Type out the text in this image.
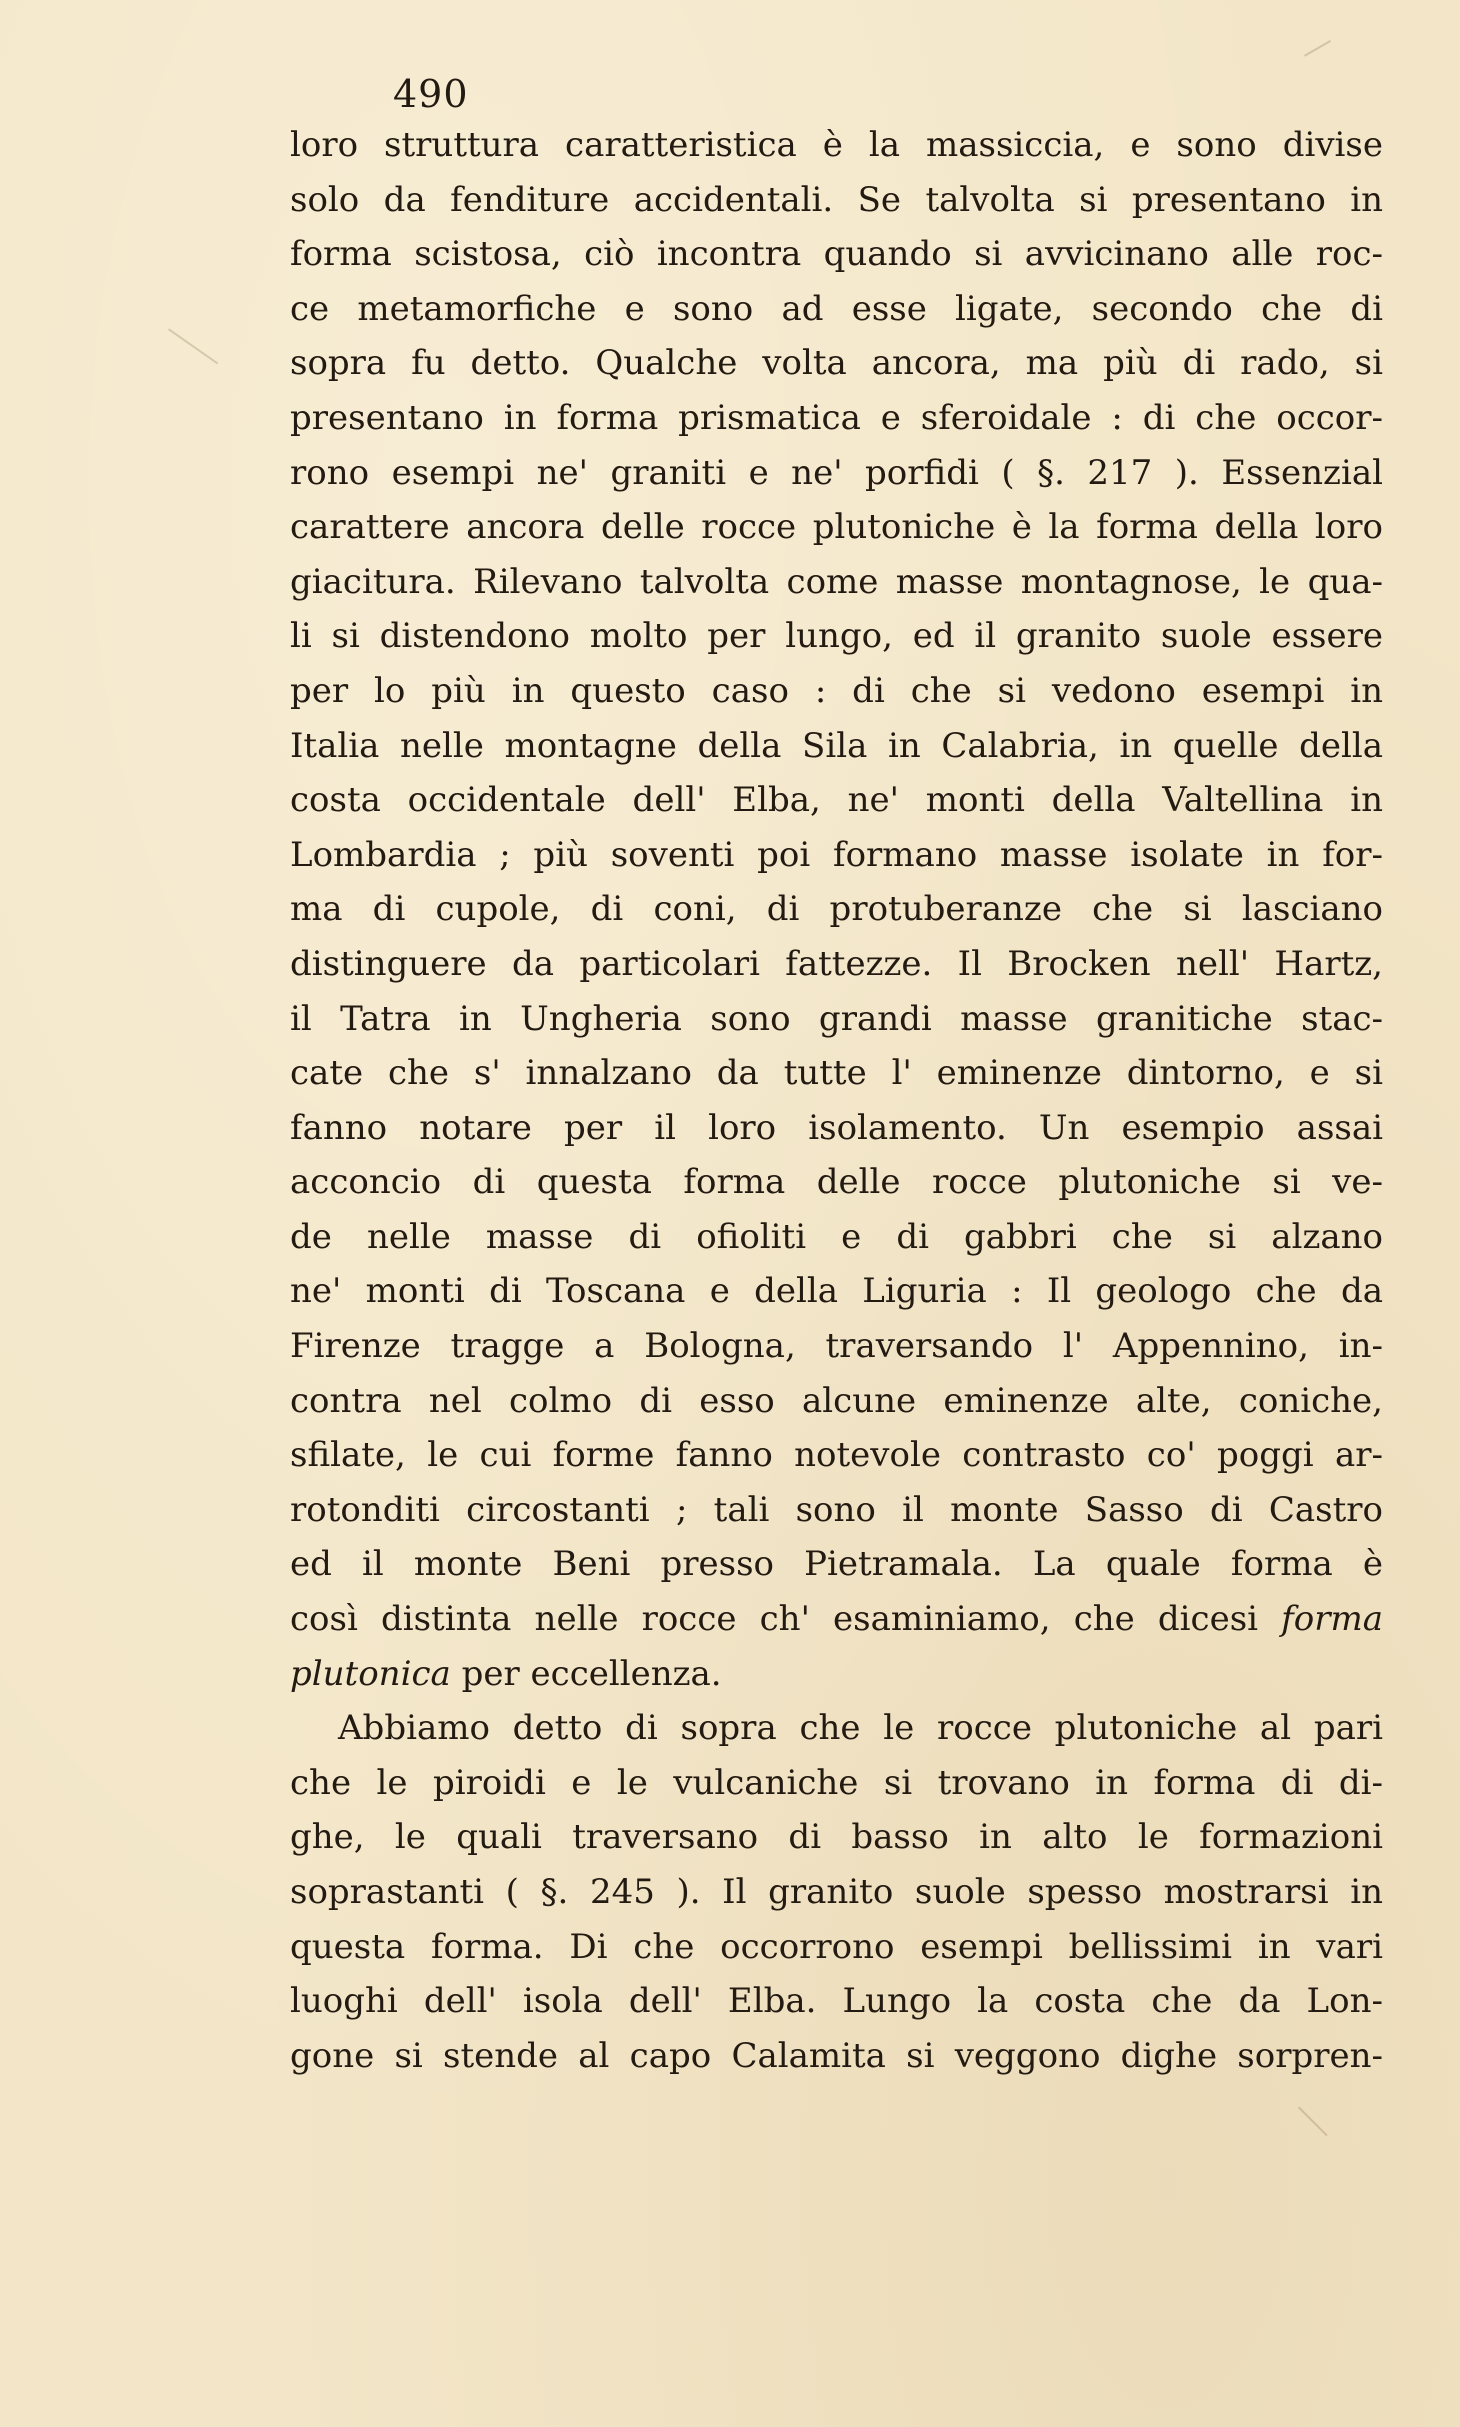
490
loro struttura caratteristica è la massiccia, e sono divise
solo da fenditure accidentali. Se talvolta si presentano in
forma scistosa, ciò incontra quando si avvicinano alle roc-
ce metamorfiche e sono ad esse ligate, secondo che di
sopra fu detto. Qualche volta ancora, ma più di rado, si
presentano in forma prismatica e sferoidale : di che occor-
rono esempi ne' graniti e ne' porfidi ( §. 217 ). Essenzial
carattere ancora delle rocce plutoniche è la forma della loro
giacitura. Rilevano talvolta come masse montagnose, le qua-
li si distendono molto per lungo, ed il granito suole essere
per lo più in questo caso : di che si vedono esempi in
Italia nelle montagne della Sila in Calabria, in quelle della
costa occidentale dell' Elba, ne' monti della Valtellina in
Lombardia ; più soventi poi formano masse isolate in for-
ma di cupole, di coni, di protuberanze che si lasciano
distinguere da particolari fattezze. Il Brocken nell' Hartz,
il Tatra in Ungheria sono grandi masse granitiche stac-
cate che s' innalzano da tutte l' eminenze dintorno, e si
fanno notare per il loro isolamento. Un esempio assai
acconcio di questa forma delle rocce plutoniche si ve-
de nelle masse di ofioliti e di gabbri che si alzano
ne' monti di Toscana e della Liguria : Il geologo che da
Firenze tragge a Bologna, traversando l' Appennino, in-
contra nel colmo di esso alcune eminenze alte, coniche,
sfilate, le cui forme fanno notevole contrasto co' poggi ar-
rotonditi circostanti ; tali sono il monte Sasso di Castro
ed il monte Beni presso Pietramala. La quale forma è
così distinta nelle rocce ch' esaminiamo, che dicesi forma
plutonica per eccellenza.
Abbiamo detto di sopra che le rocce plutoniche al pari
che le piroidi e le vulcaniche si trovano in forma di di-
ghe, le quali traversano di basso in alto le formazioni
soprastanti ( §. 245 ). Il granito suole spesso mostrarsi in
questa forma. Di che occorrono esempi bellissimi in vari
luoghi dell' isola dell' Elba. Lungo la costa che da Lon-
gone si stende al capo Calamita si veggono dighe sorpren-
